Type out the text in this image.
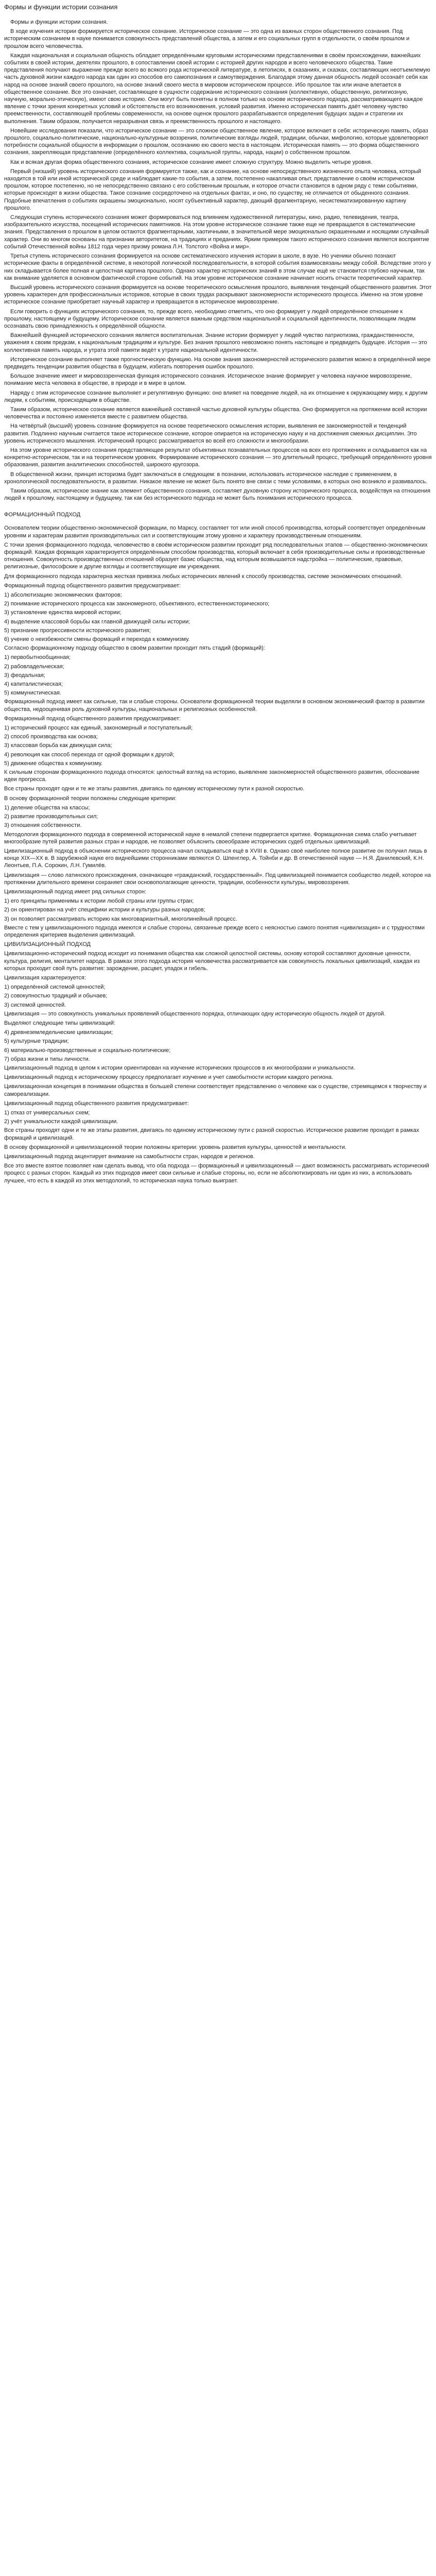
Формы и функции истории сознания

Формы и функции истории сознания.

В ходе изучения истории формируется историческое сознание. Историческое сознание — это одна из важных сторон общественного сознания. Под историческим сознанием в науке понимается совокупность представлений общества, а затем и его социальных групп в отдельности, о своём прошлом и прошлом всего человечества.

Каждая национальная и социальная общность обладает определёнными круговыми историческими представлениями в своём происхождении, важнейших событиях в своей истории, деятелях прошлого, в сопоставлении своей истории с историей других народов и всего человеческого общества. Такие представления получают выражение прежде всего во всякого рода исторической литературе, в летописях, в сказаниях, и сказках, составляющих неотъемлемую часть духовной жизни каждого народа как один из способов его самопознания и самоутверждения. Благодаря этому данная общность людей осознаёт себя как народ на основе знаний своего прошлого, на основе знаний своего места в мировом историческом процессе. Ибо прошлое так или иначе влетается в общественное сознание. Все это означает, составляющее в сущности содержание исторического сознания (коллективную, общественную, религиозную, научную, морально-этическую), имеют свою историю. Они могут быть понятны в полном только на основе исторического подхода, рассматривающего каждое явление с точки зрения конкретных условий и обстоятельств его возникновения, условий развития. Именно историческая память даёт человеку чувство преемственности, составляющей проблемы современности, на основе оценок прошлого разрабатываются определения будущих задач и стратегии их выполнения. Таким образом, получается неразрывная связь и преемственность прошлого и настоящего.

Новейшие исследования показали, что историческое сознание — это сложное общественное явление, которое включает в себя: историческую память, образ прошлого, социально-политические, национально-культурные воззрения, политические взгляды людей, традиции, обычаи, мифологию, которые удовлетворяют потребности социальной общности в информации о прошлом, осознанию ею своего места в настоящем. Историческая память — это форма общественного сознания, закрепляющая представление (определённого коллектива, социальной группы, народа, нации) о собственном прошлом.

Как и всякая другая форма общественного сознания, историческое сознание имеет сложную структуру. Можно выделить четыре уровня.

Первый (низший) уровень исторического сознания формируется также, как и сознание, на основе непосредственного жизненного опыта человека, который находится в той или иной исторической среде и наблюдает какие-то события, а затем, постепенно накапливая опыт, представление о своём историческом прошлом, которое постепенно, но не непосредственно связано с его собственным прошлым, и которое отчасти становится в одном ряду с теми событиями, которые происходят в жизни общества. Такое сознание сосредоточено на отдельных фактах, и оно, по существу, не отличается от обыденного сознания. Подобные впечатления о событиях окрашены эмоционально, носят субъективный характер, дающий фрагментарную, несистематизированную картину прошлого.

Следующая ступень исторического сознания может формироваться под влиянием художественной литературы, кино, радио, телевидения, театра, изобразительного искусства, посещений исторических памятников. На этом уровне историческое сознание также еще не превращается в систематические знания. Представления о прошлом в целом остаются фрагментарными, хаотичными, в значительной мере эмоционально окрашенными и носящими случайный характер. Они во многом основаны на признании авторитетов, на традициях и преданиях. Ярким примером такого исторического сознания является восприятие событий Отечественной войны 1812 года через призму романа Л.Н. Толстого «Война и мир».

Третья ступень исторического сознания формируется на основе систематического изучения истории в школе, в вузе. Но ученики обычно познают исторические факты в определённой системе, в некоторой логической последовательности, в которой события взаимосвязаны между собой. Вследствие этого у них складывается более полная и целостная картина прошлого. Однако характер исторических знаний в этом случае ещё не становится глубоко научным, так как внимание уделяется в основном фактической стороне событий. На этом уровне историческое сознание начинает носить отчасти теоретический характер.

Высший уровень исторического сознания формируется на основе теоретического осмысления прошлого, выявления тенденций общественного развития. Этот уровень характерен для профессиональных историков, которые в своих трудах раскрывают закономерности исторического процесса. Именно на этом уровне историческое сознание приобретает научный характер и превращается в историческое мировоззрение.

Если говорить о функциях исторического сознания, то, прежде всего, необходимо отметить, что оно формирует у людей определённое отношение к прошлому, настоящему и будущему. Историческое сознание является важным средством национальной и социальной идентичности, позволяющим людям осознавать свою принадлежность к определённой общности.

Важнейшей функцией исторического сознания является воспитательная. Знание истории формирует у людей чувство патриотизма, гражданственности, уважения к своим предкам, к национальным традициям и культуре. Без знания прошлого невозможно понять настоящее и предвидеть будущее. История — это коллективная память народа, и утрата этой памяти ведёт к утрате национальной идентичности.

Историческое сознание выполняет также прогностическую функцию. На основе знания закономерностей исторического развития можно в определённой мере предвидеть тенденции развития общества в будущем, избегать повторения ошибок прошлого.

Большое значение имеет и мировоззренческая функция исторического сознания. Историческое знание формирует у человека научное мировоззрение, понимание места человека в обществе, в природе и в мире в целом.

Наряду с этим историческое сознание выполняет и регулятивную функцию: оно влияет на поведение людей, на их отношение к окружающему миру, к другим людям, к событиям, происходящим в обществе.

Таким образом, историческое сознание является важнейшей составной частью духовной культуры общества. Оно формируется на протяжении всей истории человечества и постоянно изменяется вместе с развитием общества.

На четвёртый (высший) уровень сознание формируется на основе теоретического осмысления истории, выявления ее закономерностей и тенденций развития. Подлинно научным считается такое историческое сознание, которое опирается на историческую науку и на достижения смежных дисциплин. Это уровень исторического мышления. Исторический процесс рассматривается во всей его сложности и многообразии.

На этом уровне исторического сознания представляющее результат объективных познавательных процессов на всех его протяжениях и складывается как на конкретно-историческом, так и на теоретическом уровнях. Формирование исторического сознания — это длительный процесс, требующий определённого уровня образования, развития аналитических способностей, широкого кругозора.

В общественной жизни, принцип историзма будет заключаться в следующем: в познании, использовать историческое наследие с применением, в хронологической последовательности, в развитии. Никакое явление не может быть понято вне связи с теми условиями, в которых оно возникло и развивалось.

Таким образом, историческое знание как элемент общественного сознания, составляет духовную сторону исторического процесса, воздействуя на отношения людей к прошлому, настоящему и будущему, так как без исторического подхода не может быть понимания исторического процесса.

ФОРМАЦИОННЫЙ ПОДХОД

Основателем теории общественно-экономической формации, по Марксу, составляет тот или иной способ производства, который соответствует определённым уровням и характерам развития производительных сил и соответствующим этому уровню и характеру производственным отношениям.

С точки зрения формационного подхода, человечество в своём историческом развитии проходит ряд последовательных этапов — общественно-экономических формаций. Каждая формация характеризуется определённым способом производства, который включает в себя производительные силы и производственные отношения. Совокупность производственных отношений образует базис общества, над которым возвышается надстройка — политические, правовые, религиозные, философские и другие взгляды и соответствующие им учреждения.

Для формационного подхода характерна жесткая привязка любых исторических явлений к способу производства, системе экономических отношений.

Формационный подход общественного развития предусматривает:

1) абсолютизацию экономических факторов;
2) понимание исторического процесса как закономерного, объективного, естественноисторического;
3) установление единства мировой истории;
4) выделение классовой борьбы как главной движущей силы истории;
5) признание прогрессивности исторического развития;
6) учение о неизбежности смены формаций и перехода к коммунизму.

Согласно формационному подходу общество в своём развитии проходит пять стадий (формаций):

1) первобытнообщинная;
2) рабовладельческая;
3) феодальная;
4) капиталистическая;
5) коммунистическая.

Формационный подход имеет как сильные, так и слабые стороны. Основатели формационной теории выделяли в основном экономический фактор в развитии общества, недооценивая роль духовной культуры, национальных и религиозных особенностей.

Формационный подход общественного развития предусматривает:

1) исторический процесс как единый, закономерный и поступательный;
2) способ производства как основа;
3) классовая борьба как движущая сила;
4) революция как способ перехода от одной формации к другой;
5) движение общества к коммунизму.

К сильным сторонам формационного подхода относятся: целостный взгляд на историю, выявление закономерностей общественного развития, обоснование идеи прогресса.

Все страны проходят одни и те же этапы развития, двигаясь по единому историческому пути к разной скоростью.

В основу формационной теории положены следующие критерии:

1) деление общества на классы;
2) развитие производительных сил;
3) отношения собственности.

Методология формационного подхода в современной исторической науке в немалой степени подвергается критике. Формационная схема слабо учитывает многообразие путей развития разных стран и народов, не позволяет объяснить своеобразие исторических судеб отдельных цивилизаций.

Цивилизационный подход в объяснении исторического процесса начал складываться ещё в XVIII в. Однако своё наиболее полное развитие он получил лишь в конце XIX—XX в. В зарубежной науке его виднейшими сторонниками являются О. Шпенглер, А. Тойнби и др. В отечественной науке — Н.Я. Данилевский, К.Н. Леонтьев, П.А. Сорокин, Л.Н. Гумилёв.

Цивилизация — слово латинского происхождения, означающее «гражданский, государственный». Под цивилизацией понимается сообщество людей, которое на протяжении длительного времени сохраняет свои основополагающие ценности, традиции, особенности культуры, мировоззрения.

Цивилизационный подход имеет ряд сильных сторон:

1) его принципы применимы к истории любой страны или группы стран;
2) он ориентирован на учёт специфики истории и культуры разных народов;
3) он позволяет рассматривать историю как многовариантный, многолинейный процесс.

Вместе с тем у цивилизационного подхода имеются и слабые стороны, связанные прежде всего с неясностью самого понятия «цивилизация» и с трудностями определения критериев выделения цивилизаций.

ЦИВИЛИЗАЦИОННЫЙ ПОДХОД

Цивилизационно-исторический подход исходит из понимания общества как сложной целостной системы, основу которой составляют духовные ценности, культура, религия, менталитет народа. В рамках этого подхода история человечества рассматривается как совокупность локальных цивилизаций, каждая из которых проходит свой путь развития: зарождение, расцвет, упадок и гибель.

Цивилизация характеризуется:

1) определённой системой ценностей;
2) совокупностью традиций и обычаев;
3) системой ценностей.

Цивилизация — это совокупность уникальных проявлений общественного порядка, отличающих одну историческую общность людей от другой.

Выделяют следующие типы цивилизаций:

4) древнеземледельческие цивилизации;
5) культурные традиции;
6) материально-производственные и социально-политические;
7) образ жизни и типы личности.

Цивилизационный подход в целом к истории ориентирован на изучение исторических процессов в их многообразии и уникальности.

Цивилизационный подход к историческому процессу предполагает изучение и учет самобытности истории каждого региона.

Цивилизационная концепция в понимании общества в большей степени соответствует представлению о человеке как о существе, стремящемся к творчеству и самореализации.

Цивилизационный подход общественного развития предусматривает:

1) отказ от универсальных схем;
2) учёт уникальности каждой цивилизации.

Все страны проходят одни и те же этапы развития, двигаясь по единому историческому пути с разной скоростью. Историческое развитие проходит в рамках формаций и цивилизаций.

В основу формационной и цивилизационной теории положены критерии: уровень развития культуры, ценностей и ментальности.

Цивилизационный подход акцентирует внимание на самобытности стран, народов и регионов.

Все это вместе взятое позволяет нам сделать вывод, что оба подхода — формационный и цивилизационный — дают возможность рассматривать исторический процесс с разных сторон. Каждый из этих подходов имеет свои сильные и слабые стороны, но, если не абсолютизировать ни один из них, а использовать лучшее, что есть в каждой из этих методологий, то историческая наука только выиграет.
